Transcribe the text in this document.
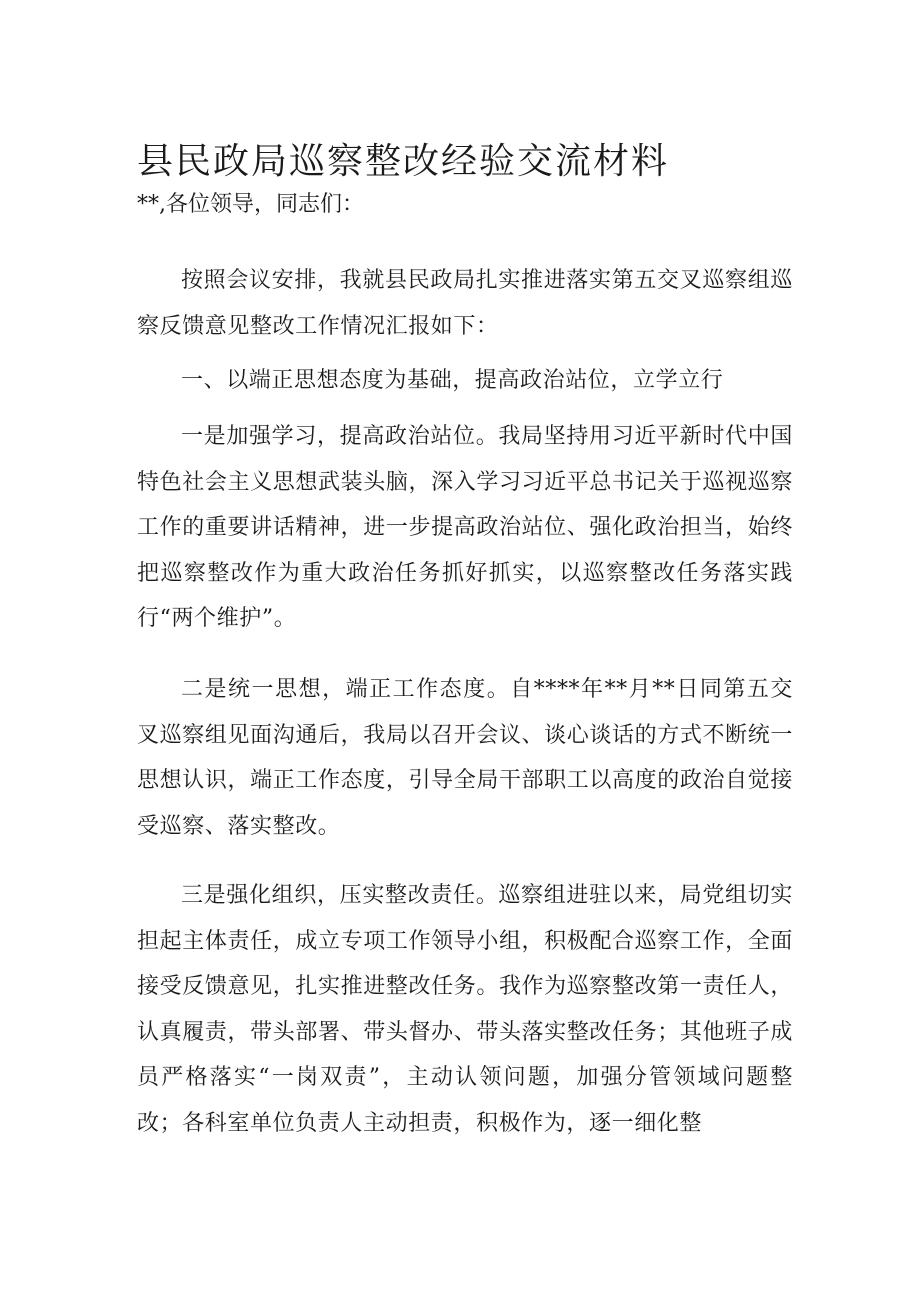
县民政局巡察整改经验交流材料
**,各位领导，同志们：

按照会议安排，我就县民政局扎实推进落实第五交叉巡察组巡察反馈意见整改工作情况汇报如下：

一、以端正思想态度为基础，提高政治站位，立学立行

一是加强学习，提高政治站位。我局坚持用习近平新时代中国特色社会主义思想武装头脑，深入学习习近平总书记关于巡视巡察工作的重要讲话精神，进一步提高政治站位、强化政治担当，始终把巡察整改作为重大政治任务抓好抓实，以巡察整改任务落实践行“两个维护”。

二是统一思想，端正工作态度。自****年**月**日同第五交叉巡察组见面沟通后，我局以召开会议、谈心谈话的方式不断统一思想认识，端正工作态度，引导全局干部职工以高度的政治自觉接受巡察、落实整改。

三是强化组织，压实整改责任。巡察组进驻以来，局党组切实担起主体责任，成立专项工作领导小组，积极配合巡察工作，全面接受反馈意见，扎实推进整改任务。我作为巡察整改第一责任人，认真履责，带头部署、带头督办、带头落实整改任务；其他班子成员严格落实“一岗双责”，主动认领问题，加强分管领域问题整改；各科室单位负责人主动担责，积极作为，逐一细化整
